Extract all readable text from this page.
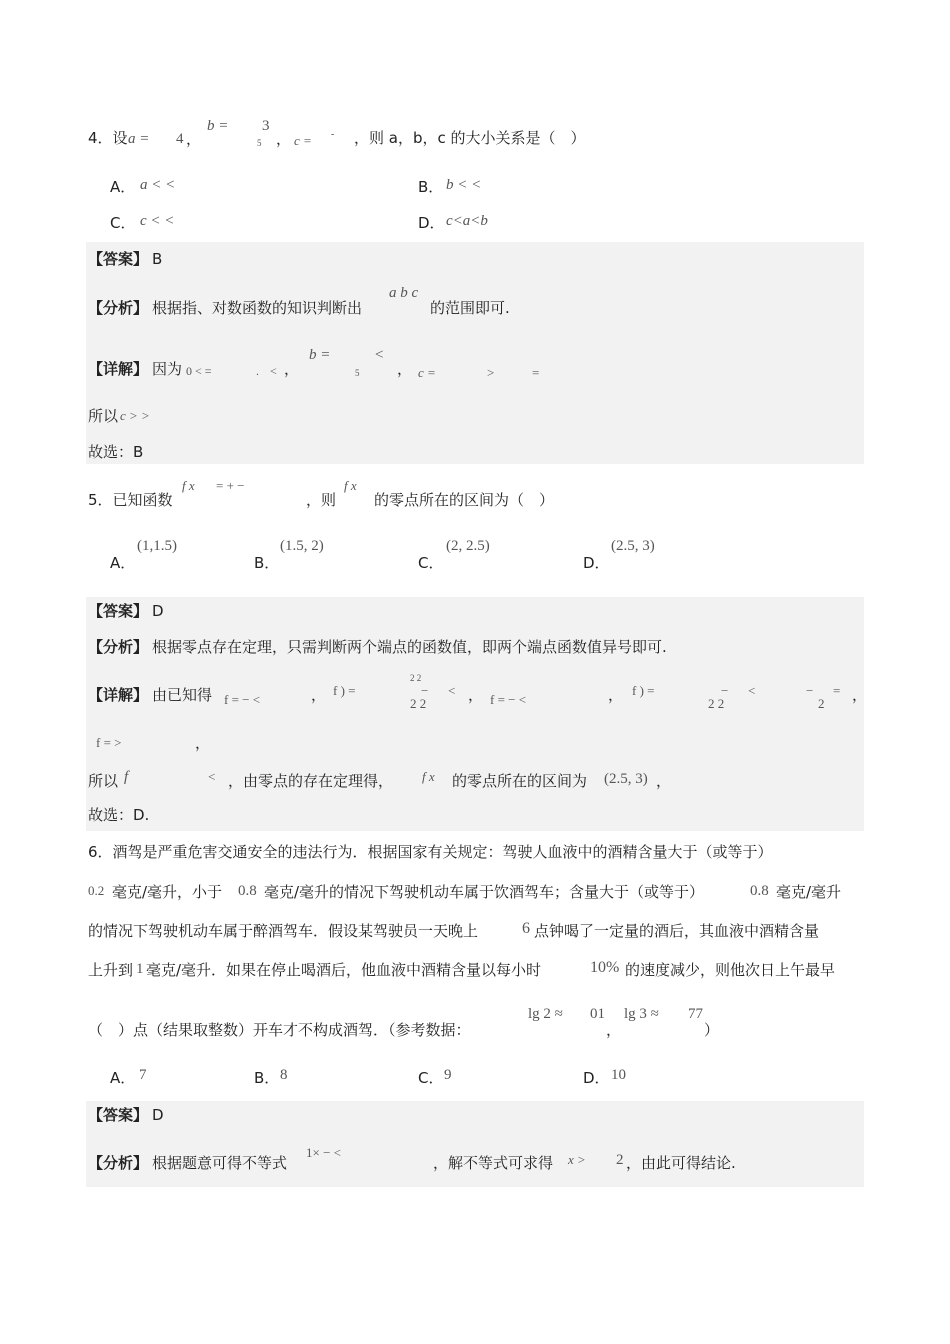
4．设 a = 4 ，
b = 3
5 ， c = - ，则 a，b，c 的大小关系是（　）
A． a < <	B． b < <
C． c < <	D． c<a<b
【答案】 B
【分析】 根据指、对数函数的知识判断出
a b c
的范围即可.
【详解】 因为 0 < =	. < ，
b =	<
5	， c =	>	=
所以 c > >
故选：B
5．已知函数
f x = + −
，则
f x
的零点所在的区间为（　）
A．
(1,1.5)
B．
(1.5, 2)
C．
(2, 2.5)
D．
(2.5, 3)
【答案】 D
【分析】 根据零点存在定理，只需判断两个端点的函数值，即两个端点函数值异号即可.
【详解】 由已知得 f = − <	， f ) =
2 2
−
2 2
< ， f = − <	， f ) =	−
2 2
<	−
2
= ，
f = >	，
所以 f	< ，由零点的存在定理得， f x 的零点所在的区间为 (2.5, 3) ，
故选：D.
6．酒驾是严重危害交通安全的违法行为．根据国家有关规定：驾驶人血液中的酒精含量大于（或等于）
0.2 毫克/毫升，小于 0.8 毫克/毫升的情况下驾驶机动车属于饮酒驾车；含量大于（或等于）	0.8 毫克/毫升
的情况下驾驶机动车属于醉酒驾车．假设某驾驶员一天晚上	6 点钟喝了一定量的酒后，其血液中酒精含量
上升到 1 毫克/毫升．如果在停止喝酒后，他血液中酒精含量以每小时	10% 的速度减少，则他次日上午最早
（　）点（结果取整数）开车才不构成酒驾．（参考数据：
lg 2 ≈ 01
，
lg 3 ≈ 77
）
A． 7	B． 8	C． 9	D． 10
【答案】 D
【分析】 根据题意可得不等式
1× − <
，解不等式可求得 x > 2 ，由此可得结论.
